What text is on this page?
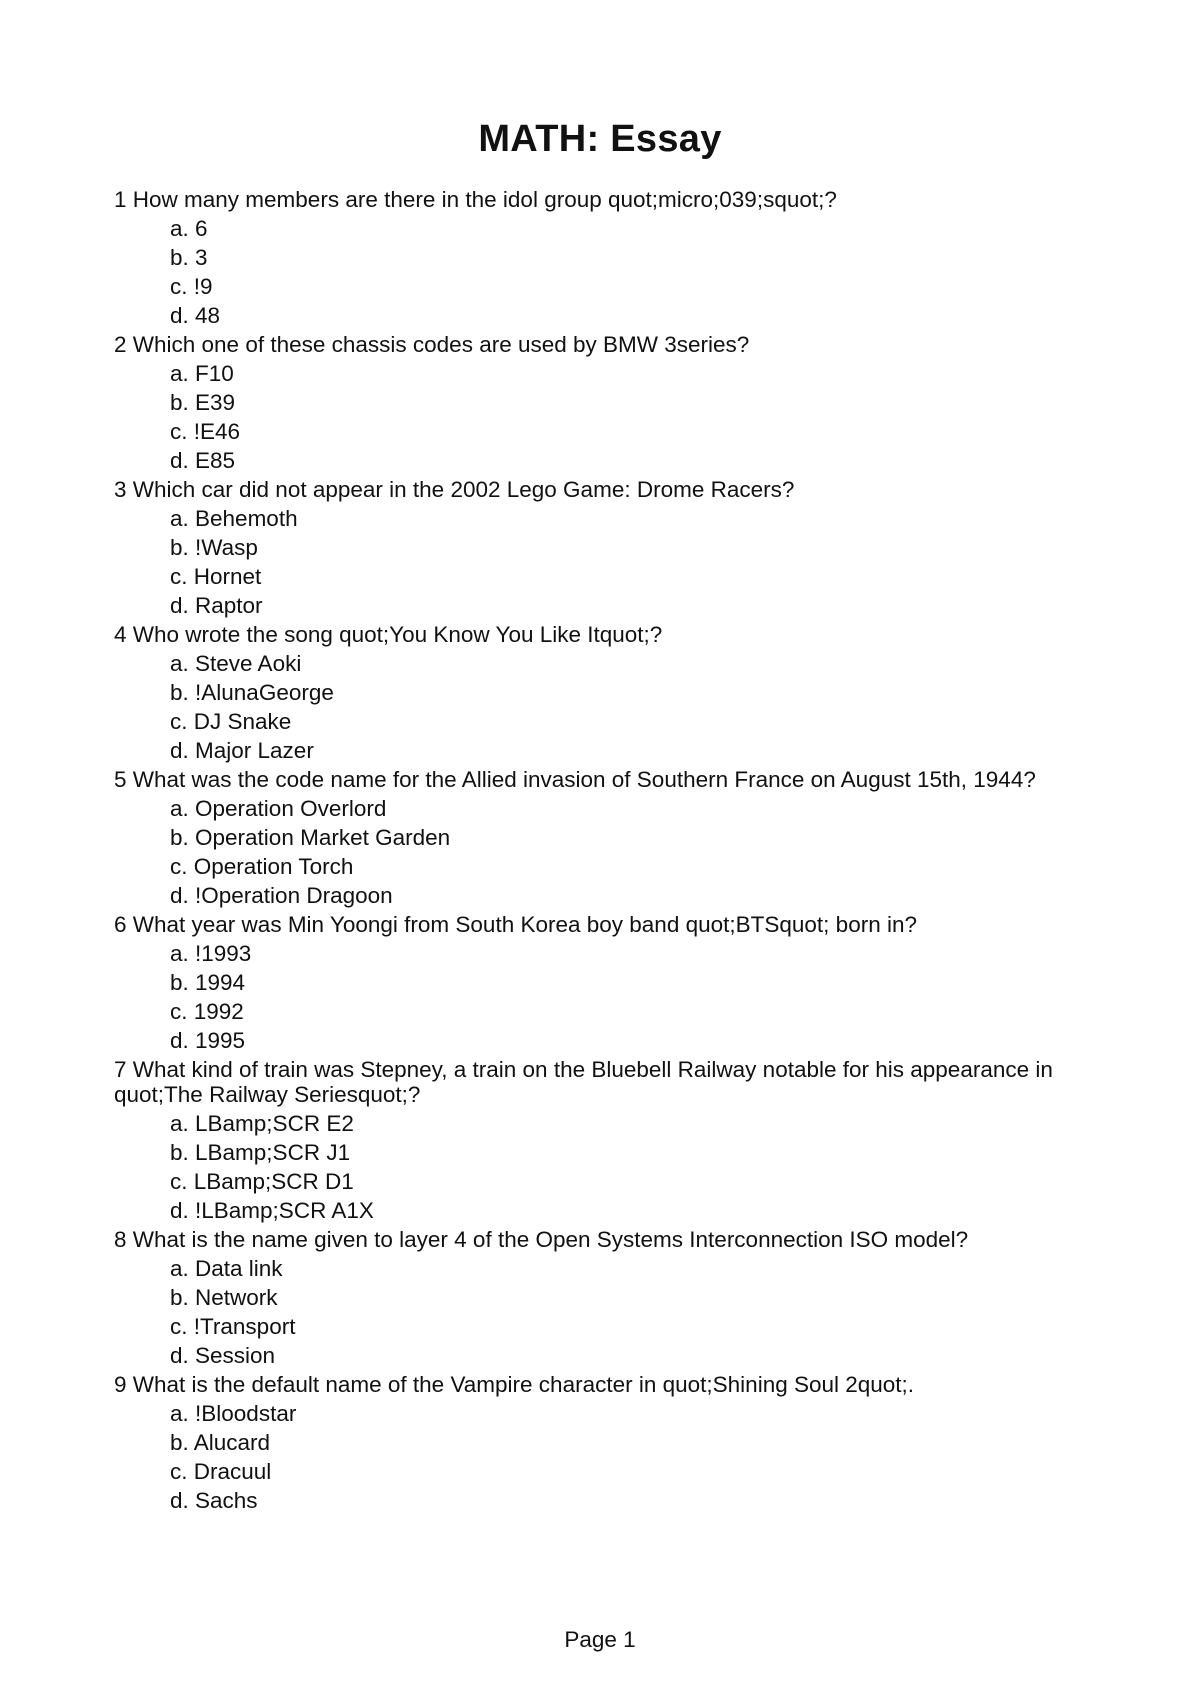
MATH: Essay
1 How many members are there in the idol group quot;micro;039;squot;?
a. 6
b. 3
c. !9
d. 48
2 Which one of these chassis codes are used by BMW 3series?
a. F10
b. E39
c. !E46
d. E85
3 Which car did not appear in the 2002 Lego Game: Drome Racers?
a. Behemoth
b. !Wasp
c. Hornet
d. Raptor
4 Who wrote the song quot;You Know You Like Itquot;?
a. Steve Aoki
b. !AlunaGeorge
c. DJ Snake
d. Major Lazer
5 What was the code name for the Allied invasion of Southern France on August 15th, 1944?
a. Operation Overlord
b. Operation Market Garden
c. Operation Torch
d. !Operation Dragoon
6 What year was Min Yoongi from South Korea boy band quot;BTSquot; born in?
a. !1993
b. 1994
c. 1992
d. 1995
7 What kind of train was Stepney, a train on the Bluebell Railway notable for his appearance in quot;The Railway Seriesquot;?
a. LBamp;SCR E2
b. LBamp;SCR J1
c. LBamp;SCR D1
d. !LBamp;SCR A1X
8 What is the name given to layer 4 of the Open Systems Interconnection ISO model?
a. Data link
b. Network
c. !Transport
d. Session
9 What is the default name of the Vampire character in quot;Shining Soul 2quot;.
a. !Bloodstar
b. Alucard
c. Dracuul
d. Sachs
Page 1
